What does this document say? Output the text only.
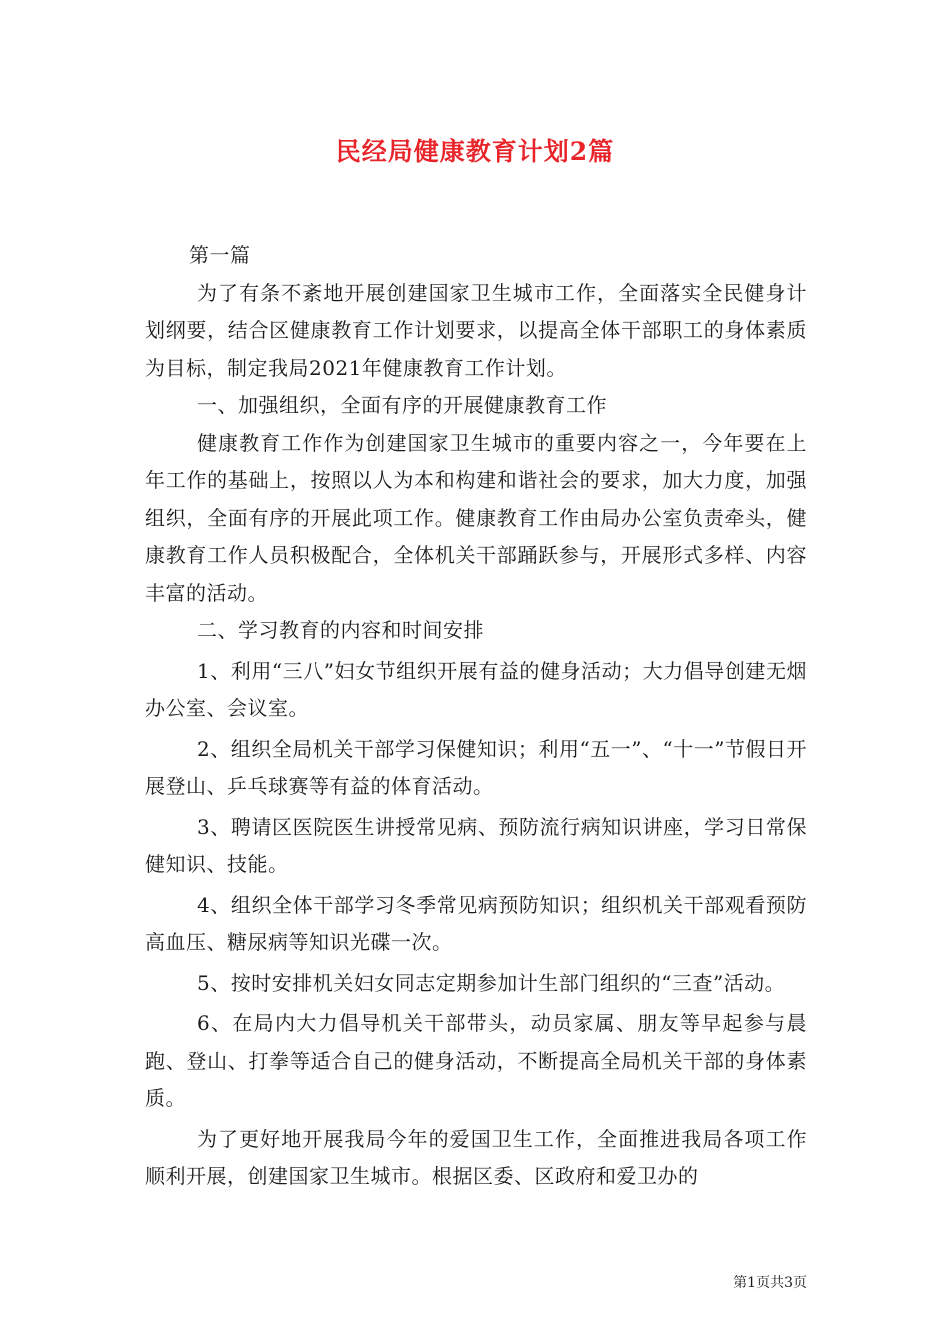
民经局健康教育计划2篇

第一篇

为了有条不紊地开展创建国家卫生城市工作，全面落实全民健身计划纲要，结合区健康教育工作计划要求，以提高全体干部职工的身体素质为目标，制定我局2021年健康教育工作计划。

一、加强组织，全面有序的开展健康教育工作

健康教育工作作为创建国家卫生城市的重要内容之一，今年要在上年工作的基础上，按照以人为本和构建和谐社会的要求，加大力度，加强组织，全面有序的开展此项工作。健康教育工作由局办公室负责牵头，健康教育工作人员积极配合，全体机关干部踊跃参与，开展形式多样、内容丰富的活动。

二、学习教育的内容和时间安排

1、利用“三八”妇女节组织开展有益的健身活动；大力倡导创建无烟办公室、会议室。

2、组织全局机关干部学习保健知识；利用“五一”、“十一”节假日开展登山、乒乓球赛等有益的体育活动。

3、聘请区医院医生讲授常见病、预防流行病知识讲座，学习日常保健知识、技能。

4、组织全体干部学习冬季常见病预防知识；组织机关干部观看预防高血压、糖尿病等知识光碟一次。

5、按时安排机关妇女同志定期参加计生部门组织的“三查”活动。

6、在局内大力倡导机关干部带头，动员家属、朋友等早起参与晨跑、登山、打拳等适合自己的健身活动，不断提高全局机关干部的身体素质。

为了更好地开展我局今年的爱国卫生工作，全面推进我局各项工作顺利开展，创建国家卫生城市。根据区委、区政府和爱卫办的

第1页共3页
